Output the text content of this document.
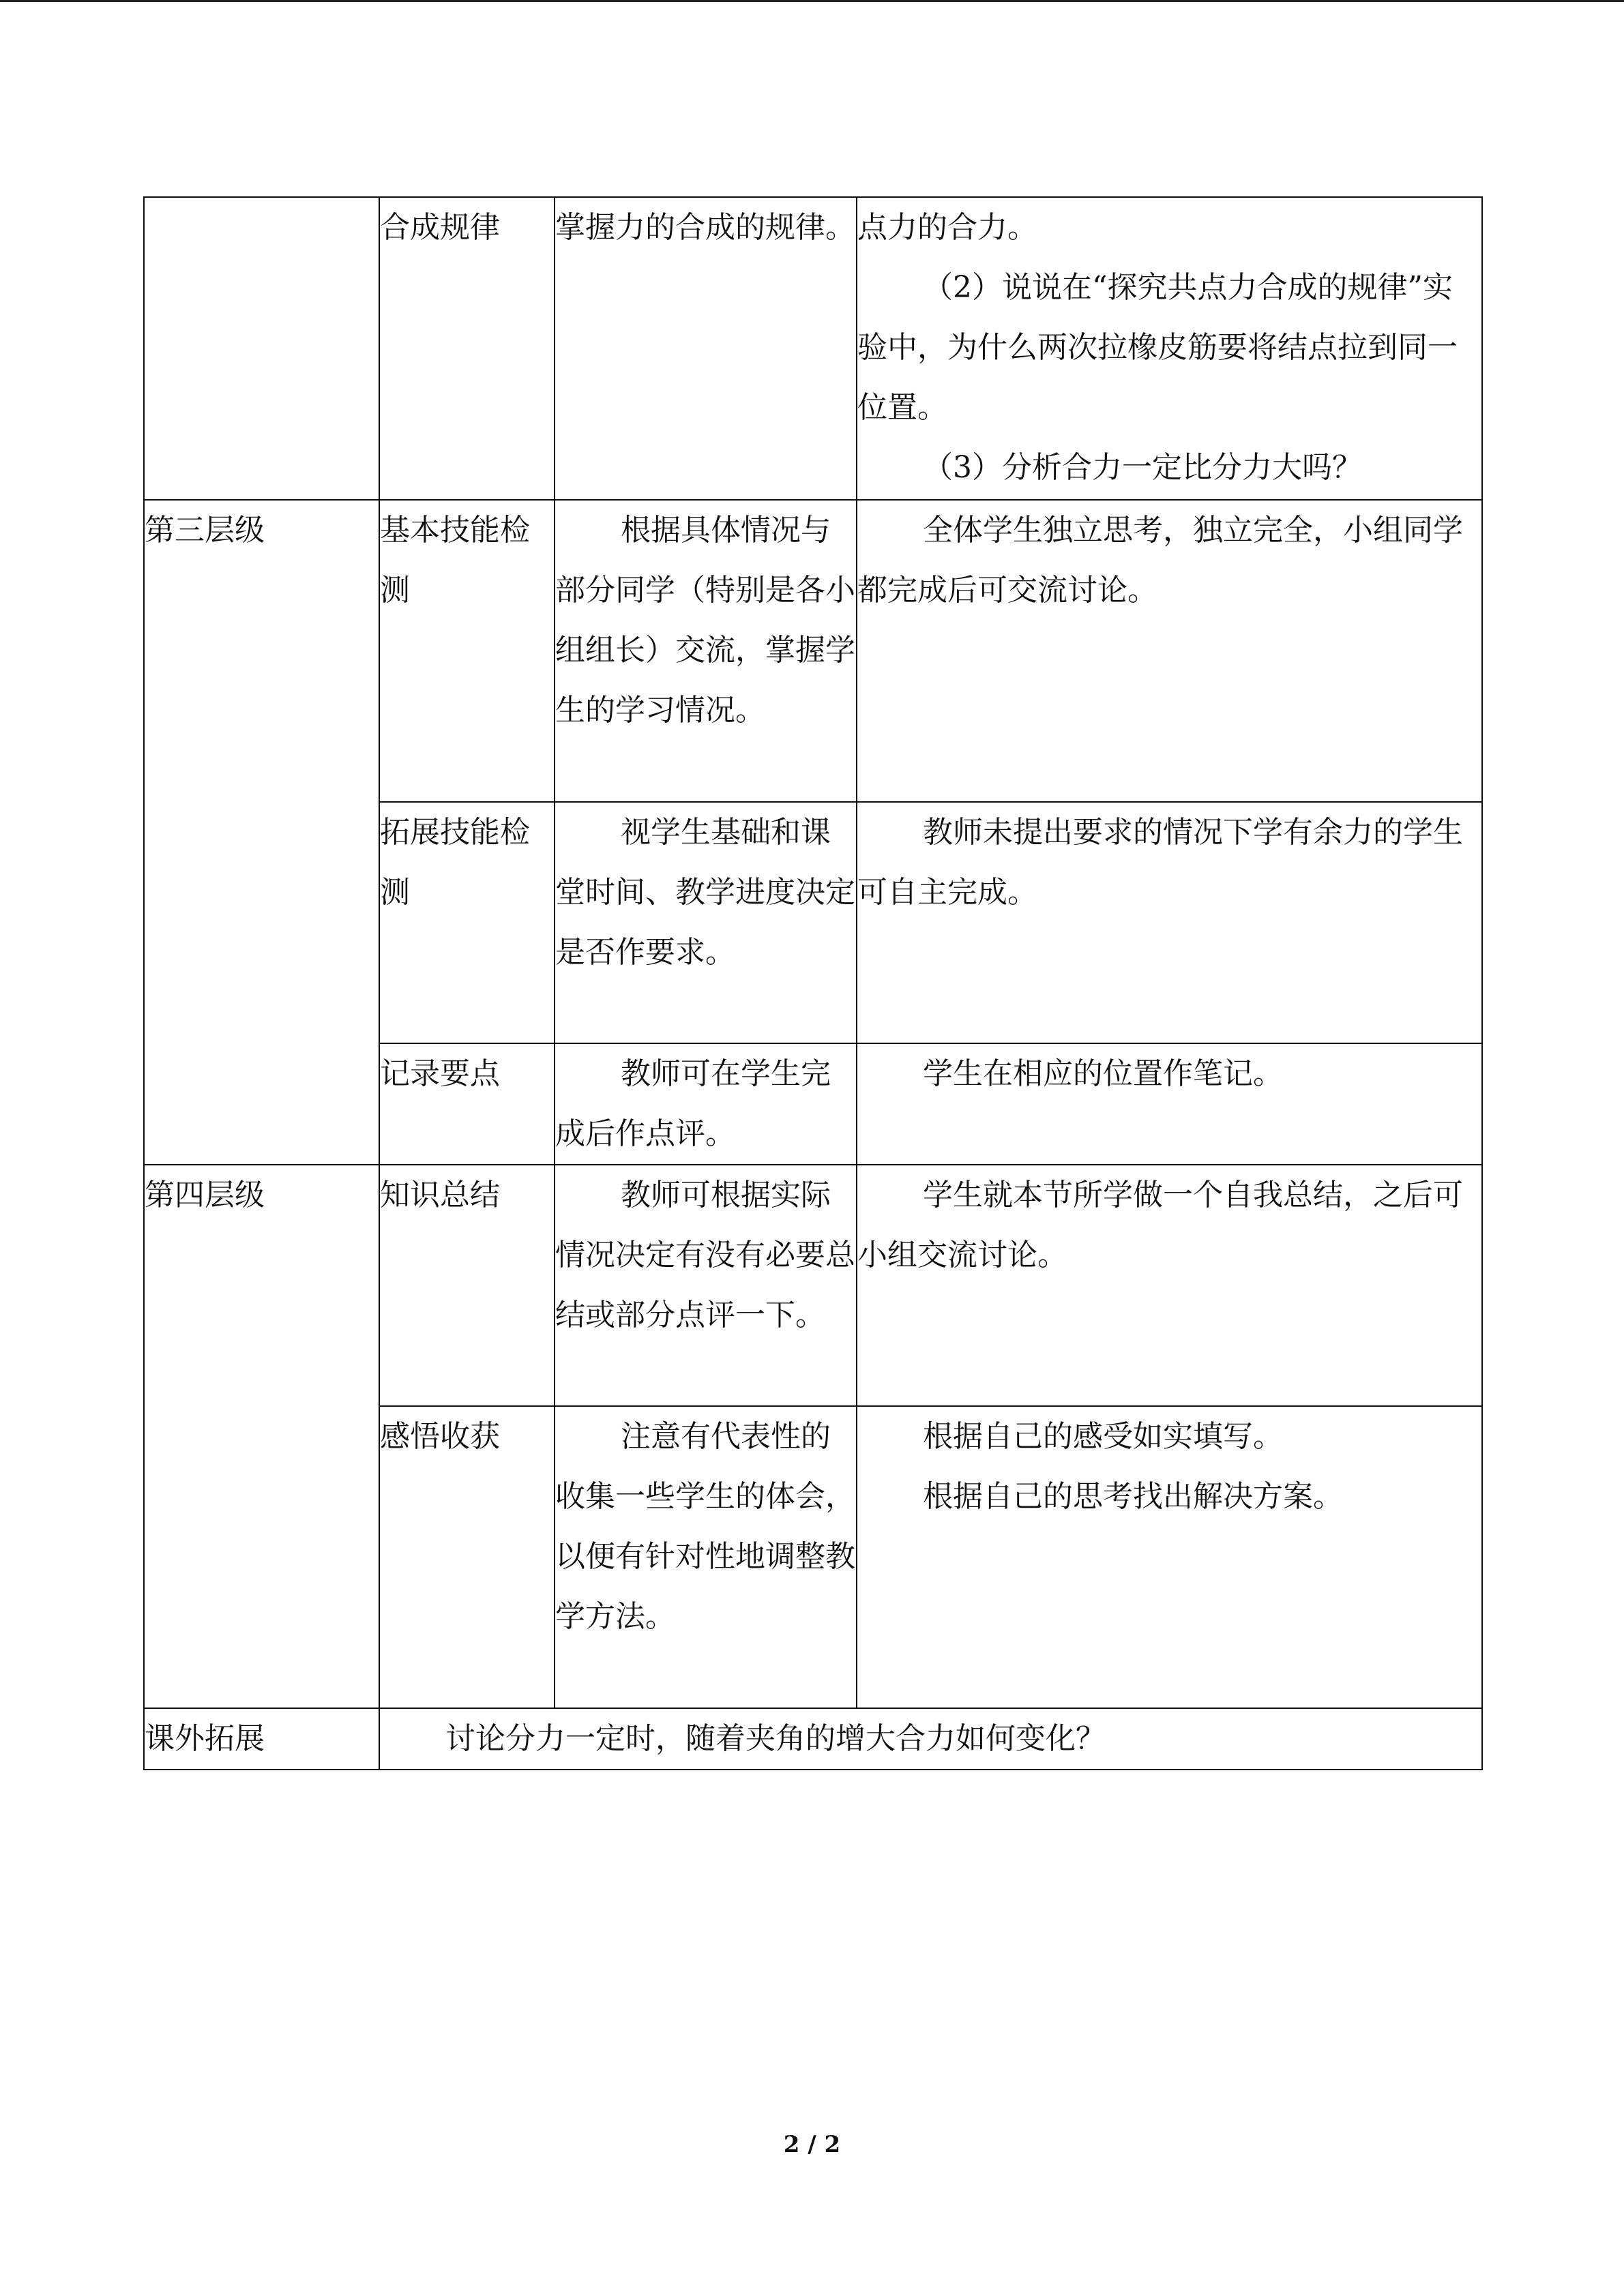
	合成规律	掌握力的合成的规律。	点力的合力。
（2）说说在“探究共点力合成的规律”实验中，为什么两次拉橡皮筋要将结点拉到同一位置。
（3）分析合力一定比分力大吗？

第三层级	基本技能检测	根据具体情况与部分同学（特别是各小组组长）交流，掌握学生的学习情况。	全体学生独立思考，独立完全，小组同学都完成后可交流讨论。

	拓展技能检测	视学生基础和课堂时间、教学进度决定是否作要求。	教师未提出要求的情况下学有余力的学生可自主完成。

	记录要点	教师可在学生完成后作点评。	学生在相应的位置作笔记。

第四层级	知识总结	教师可根据实际情况决定有没有必要总结或部分点评一下。	学生就本节所学做一个自我总结，之后可小组交流讨论。

	感悟收获	注意有代表性的收集一些学生的体会，以便有针对性地调整教学方法。	根据自己的感受如实填写。
根据自己的思考找出解决方案。

课外拓展	讨论分力一定时，随着夹角的增大合力如何变化？		
2 / 2
